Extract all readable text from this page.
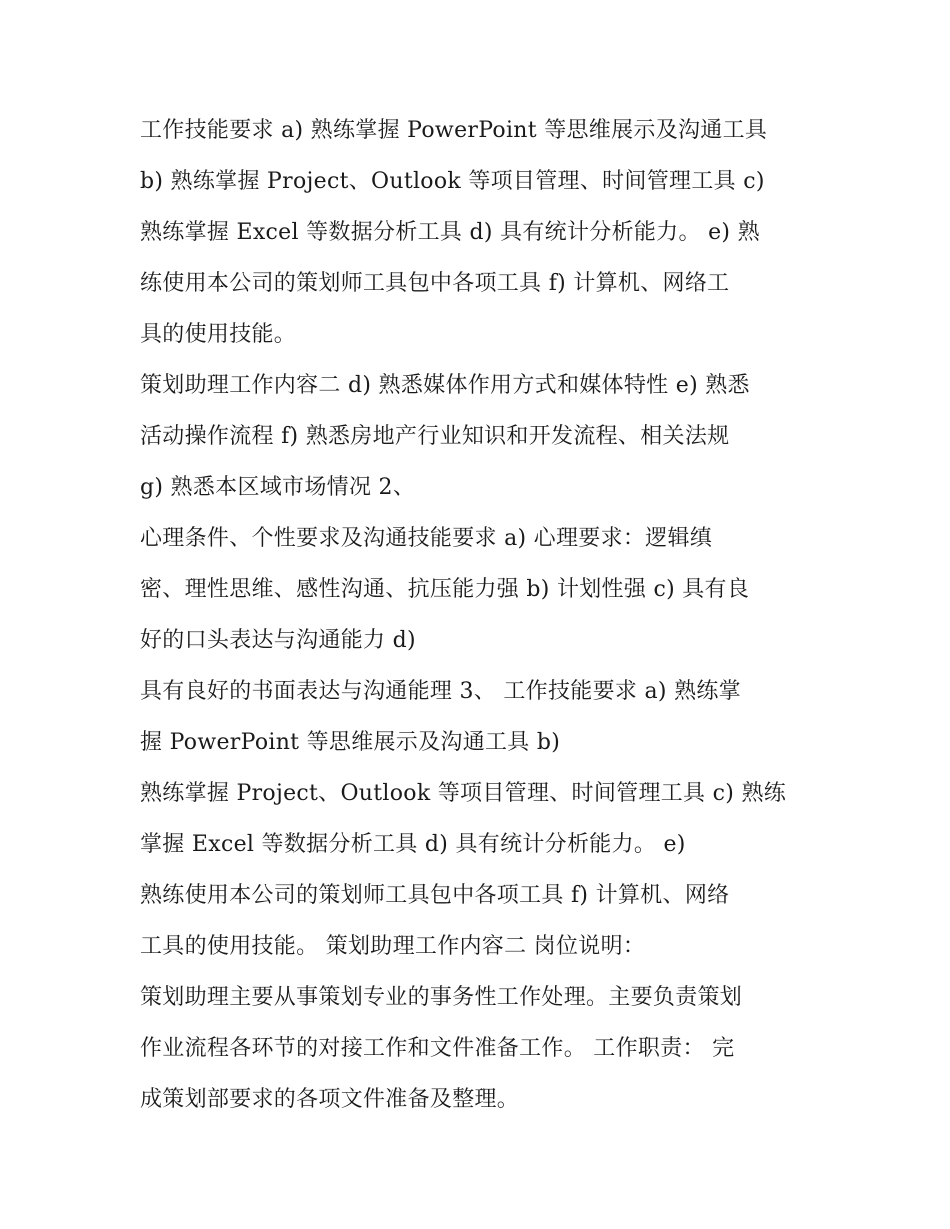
工作技能要求 a) 熟练掌握 PowerPoint 等思维展示及沟通工具
b) 熟练掌握 Project、Outlook 等项目管理、时间管理工具 c)
熟练掌握 Excel 等数据分析工具 d) 具有统计分析能力。 e) 熟
练使用本公司的策划师工具包中各项工具 f) 计算机、网络工
具的使用技能。
策划助理工作内容二 d) 熟悉媒体作用方式和媒体特性 e) 熟悉
活动操作流程 f) 熟悉房地产行业知识和开发流程、相关法规
g) 熟悉本区域市场情况 2、
心理条件、个性要求及沟通技能要求 a) 心理要求：逻辑缜
密、理性思维、感性沟通、抗压能力强 b) 计划性强 c) 具有良
好的口头表达与沟通能力 d)
具有良好的书面表达与沟通能理 3、 工作技能要求 a) 熟练掌
握 PowerPoint 等思维展示及沟通工具 b)
熟练掌握 Project、Outlook 等项目管理、时间管理工具 c) 熟练
掌握 Excel 等数据分析工具 d) 具有统计分析能力。 e)
熟练使用本公司的策划师工具包中各项工具 f) 计算机、网络
工具的使用技能。 策划助理工作内容二 岗位说明：
策划助理主要从事策划专业的事务性工作处理。主要负责策划
作业流程各环节的对接工作和文件准备工作。 工作职责： 完
成策划部要求的各项文件准备及整理。
